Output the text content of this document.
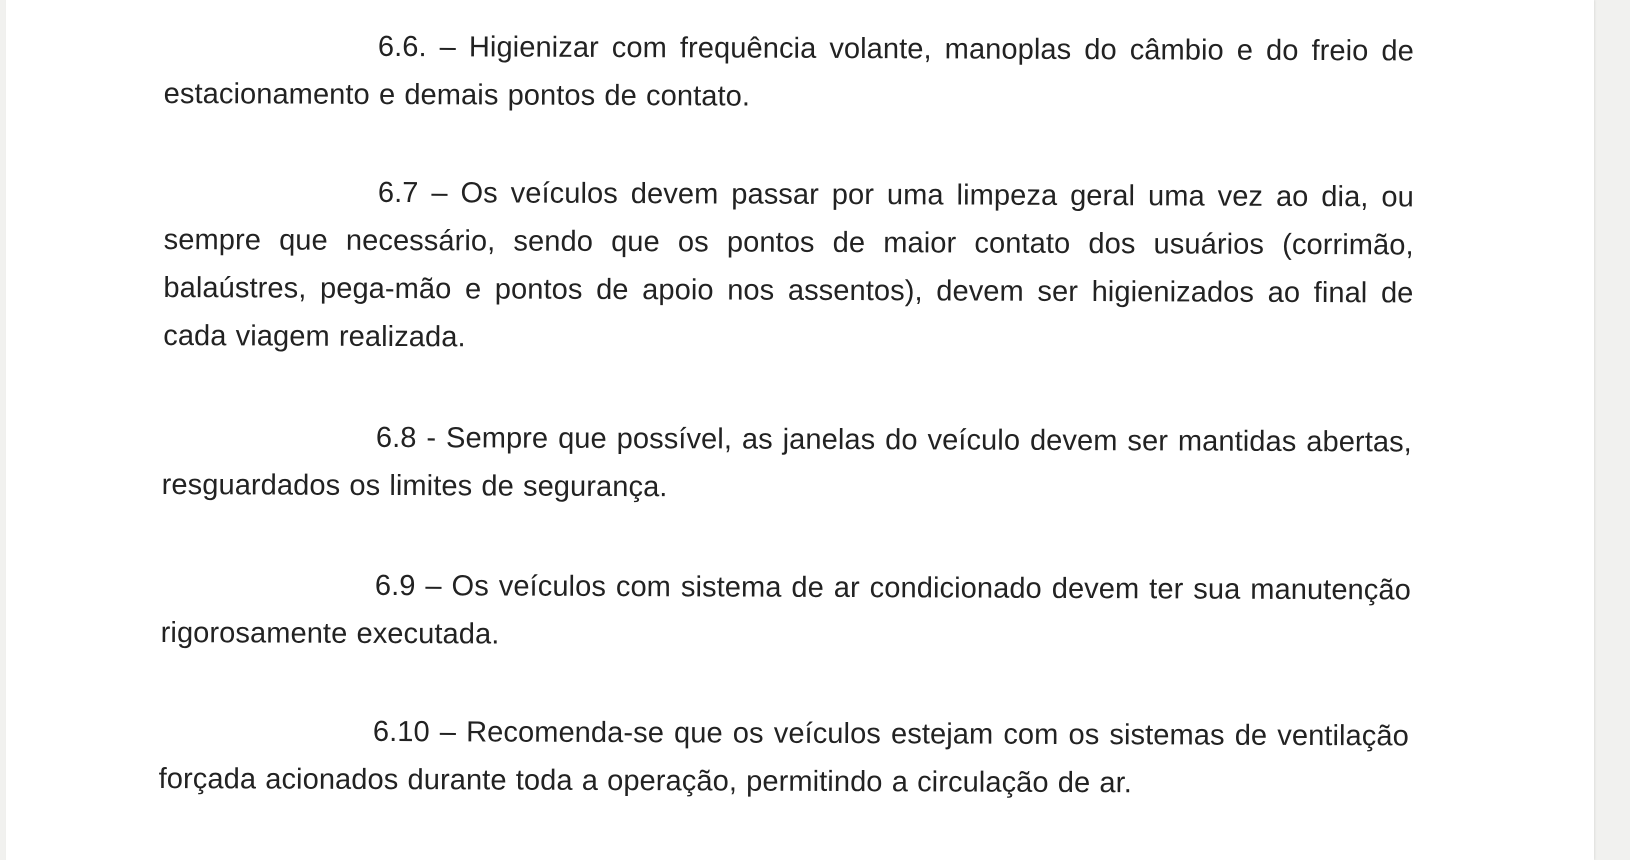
6.6. – Higienizar com frequência volante, manoplas do câmbio e do freio de estacionamento e demais pontos de contato.

6.7 – Os veículos devem passar por uma limpeza geral uma vez ao dia, ou sempre que necessário, sendo que os pontos de maior contato dos usuários (corrimão, balaústres, pega-mão e pontos de apoio nos assentos), devem ser higienizados ao final de cada viagem realizada.

6.8 - Sempre que possível, as janelas do veículo devem ser mantidas abertas, resguardados os limites de segurança.

6.9 – Os veículos com sistema de ar condicionado devem ter sua manutenção rigorosamente executada.

6.10 – Recomenda-se que os veículos estejam com os sistemas de ventilação forçada acionados durante toda a operação, permitindo a circulação de ar.
